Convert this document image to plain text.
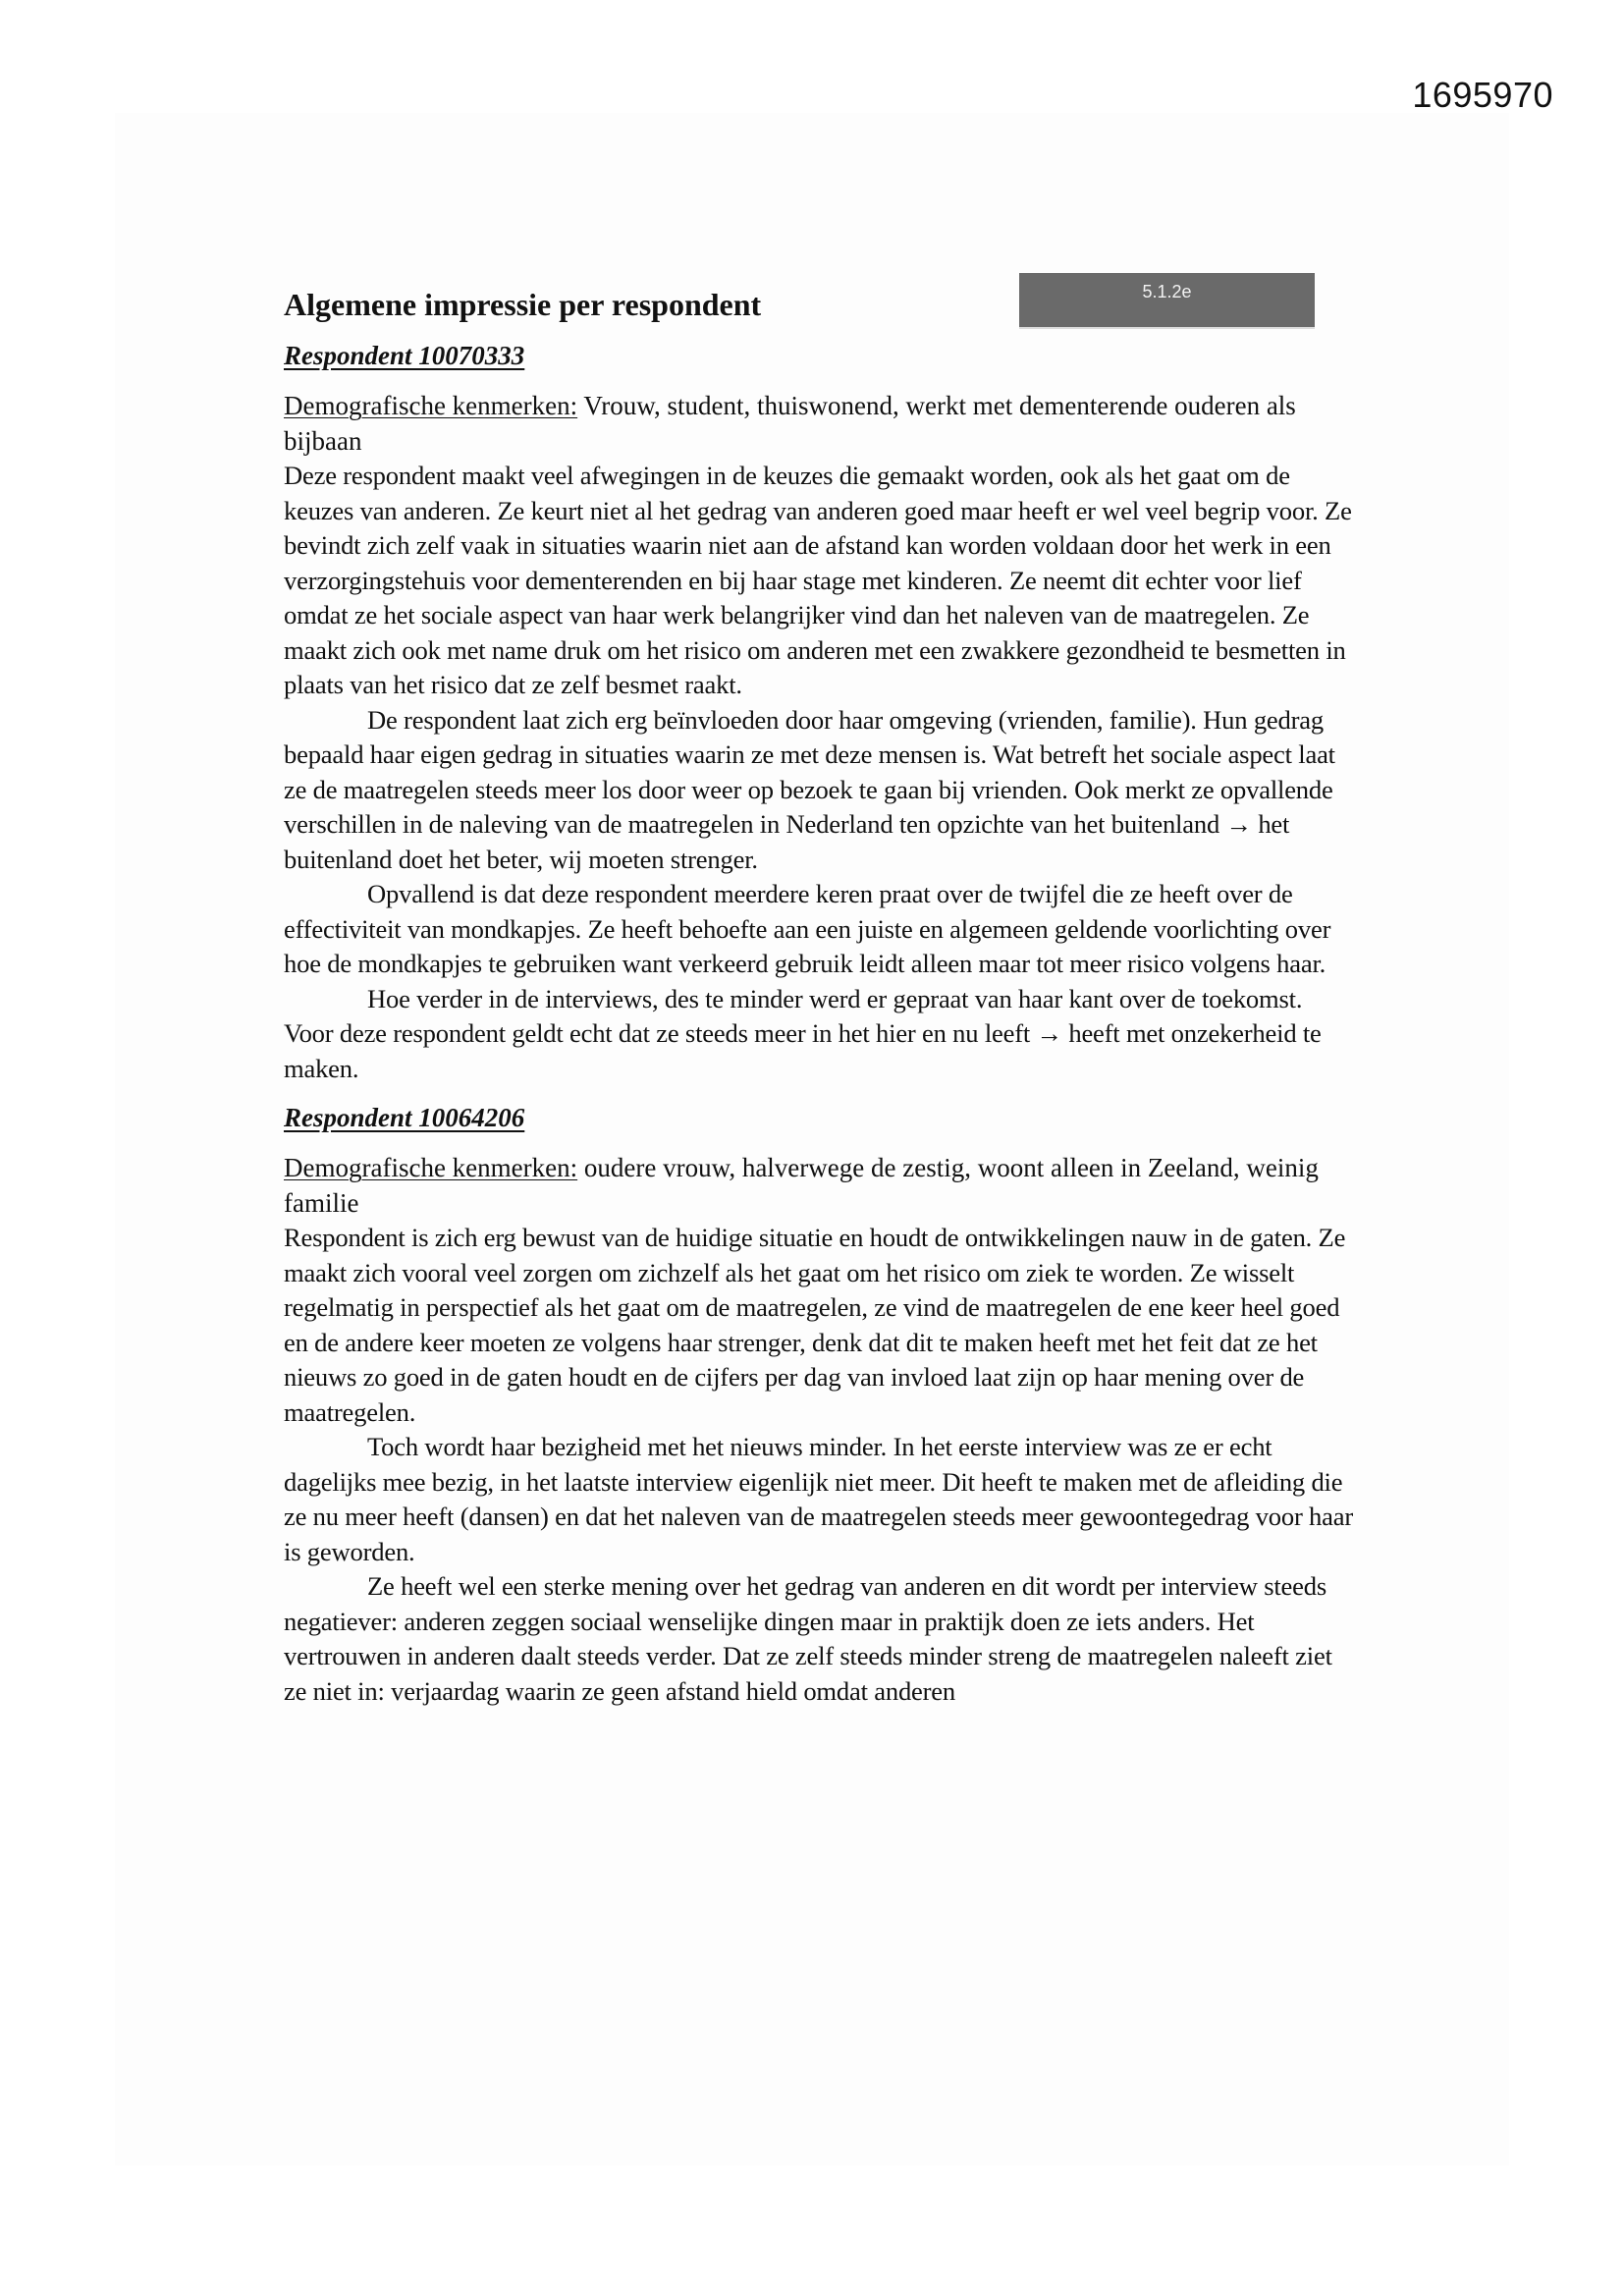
1695970
Algemene impressie per respondent	5.1.2e
Respondent 10070333

Demografische kenmerken: Vrouw, student, thuiswonend, werkt met dementerende ouderen als bijbaan

Deze respondent maakt veel afwegingen in de keuzes die gemaakt worden, ook als het gaat om de keuzes van anderen. Ze keurt niet al het gedrag van anderen goed maar heeft er wel veel begrip voor. Ze bevindt zich zelf vaak in situaties waarin niet aan de afstand kan worden voldaan door het werk in een verzorgingstehuis voor dementerenden en bij haar stage met kinderen. Ze neemt dit echter voor lief omdat ze het sociale aspect van haar werk belangrijker vind dan het naleven van de maatregelen. Ze maakt zich ook met name druk om het risico om anderen met een zwakkere gezondheid te besmetten in plaats van het risico dat ze zelf besmet raakt.

De respondent laat zich erg beïnvloeden door haar omgeving (vrienden, familie). Hun gedrag bepaald haar eigen gedrag in situaties waarin ze met deze mensen is. Wat betreft het sociale aspect laat ze de maatregelen steeds meer los door weer op bezoek te gaan bij vrienden. Ook merkt ze opvallende verschillen in de naleving van de maatregelen in Nederland ten opzichte van het buitenland → het buitenland doet het beter, wij moeten strenger.

Opvallend is dat deze respondent meerdere keren praat over de twijfel die ze heeft over de effectiviteit van mondkapjes. Ze heeft behoefte aan een juiste en algemeen geldende voorlichting over hoe de mondkapjes te gebruiken want verkeerd gebruik leidt alleen maar tot meer risico volgens haar.

Hoe verder in de interviews, des te minder werd er gepraat van haar kant over de toekomst. Voor deze respondent geldt echt dat ze steeds meer in het hier en nu leeft → heeft met onzekerheid te maken.

Respondent 10064206

Demografische kenmerken: oudere vrouw, halverwege de zestig, woont alleen in Zeeland, weinig familie

Respondent is zich erg bewust van de huidige situatie en houdt de ontwikkelingen nauw in de gaten. Ze maakt zich vooral veel zorgen om zichzelf als het gaat om het risico om ziek te worden. Ze wisselt regelmatig in perspectief als het gaat om de maatregelen, ze vind de maatregelen de ene keer heel goed en de andere keer moeten ze volgens haar strenger, denk dat dit te maken heeft met het feit dat ze het nieuws zo goed in de gaten houdt en de cijfers per dag van invloed laat zijn op haar mening over de maatregelen.

Toch wordt haar bezigheid met het nieuws minder. In het eerste interview was ze er echt dagelijks mee bezig, in het laatste interview eigenlijk niet meer. Dit heeft te maken met de afleiding die ze nu meer heeft (dansen) en dat het naleven van de maatregelen steeds meer gewoontegedrag voor haar is geworden.

Ze heeft wel een sterke mening over het gedrag van anderen en dit wordt per interview steeds negatiever: anderen zeggen sociaal wenselijke dingen maar in praktijk doen ze iets anders. Het vertrouwen in anderen daalt steeds verder. Dat ze zelf steeds minder streng de maatregelen naleeft ziet ze niet in: verjaardag waarin ze geen afstand hield omdat anderen
